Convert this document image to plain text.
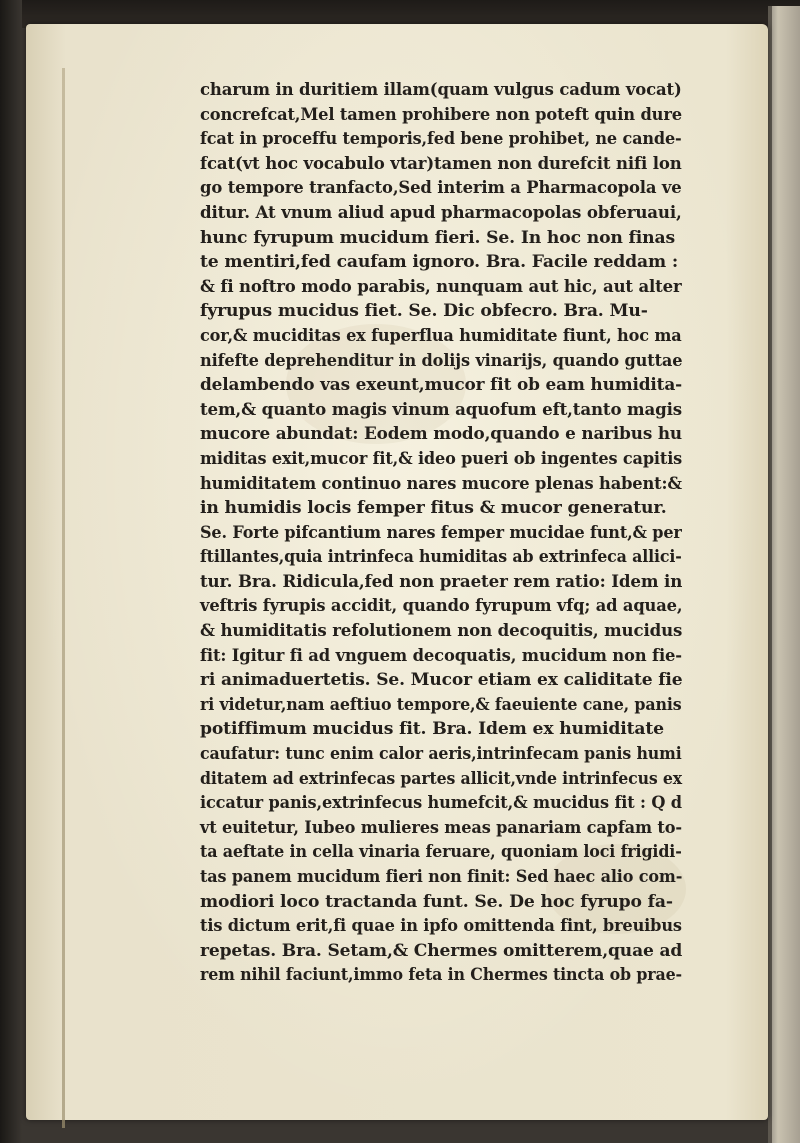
charum in duritiem illam(quam vulgus cadum vocat)
concrefcat,Mel tamen prohibere non poteft quin dure
fcat in proceffu temporis,fed bene prohibet, ne cande-
fcat(vt hoc vocabulo vtar)tamen non durefcit nifi lon
go tempore tranfacto,Sed interim a Pharmacopola ve
ditur. At vnum aliud apud pharmacopolas obferuaui,
hunc fyrupum mucidum fieri. Se. In hoc non finas
te mentiri,fed caufam ignoro. Bra. Facile reddam :
& fi noftro modo parabis, nunquam aut hic, aut alter
fyrupus mucidus fiet. Se. Dic obfecro. Bra. Mu-
cor,& muciditas ex fuperflua humiditate fiunt, hoc ma
nifefte deprehenditur in dolijs vinarijs, quando guttae
delambendo vas exeunt,mucor fit ob eam humidita-
tem,& quanto magis vinum aquofum eft,tanto magis
mucore abundat: Eodem modo,quando e naribus hu
miditas exit,mucor fit,& ideo pueri ob ingentes capitis
humiditatem continuo nares mucore plenas habent:&
in humidis locis femper fitus & mucor generatur.
Se. Forte pifcantium nares femper mucidae funt,& per
ftillantes,quia intrinfeca humiditas ab extrinfeca allici-
tur. Bra. Ridicula,fed non praeter rem ratio: Idem in
veftris fyrupis accidit, quando fyrupum vfq; ad aquae,
& humiditatis refolutionem non decoquitis, mucidus
fit: Igitur fi ad vnguem decoquatis, mucidum non fie-
ri animaduertetis. Se. Mucor etiam ex caliditate fie
ri videtur,nam aeftiuo tempore,& faeuiente cane, panis
potiffimum mucidus fit. Bra. Idem ex humiditate
caufatur: tunc enim calor aeris,intrinfecam panis humi
ditatem ad extrinfecas partes allicit,vnde intrinfecus ex
iccatur panis,extrinfecus humefcit,& mucidus fit : Q d
vt euitetur, Iubeo mulieres meas panariam capfam to-
ta aeftate in cella vinaria feruare, quoniam loci frigidi-
tas panem mucidum fieri non finit: Sed haec alio com-
modiori loco tractanda funt. Se. De hoc fyrupo fa-
tis dictum erit,fi quae in ipfo omittenda fint, breuibus
repetas. Bra. Setam,& Chermes omitterem,quae ad
rem nihil faciunt,immo feta in Chermes tincta ob prae-
